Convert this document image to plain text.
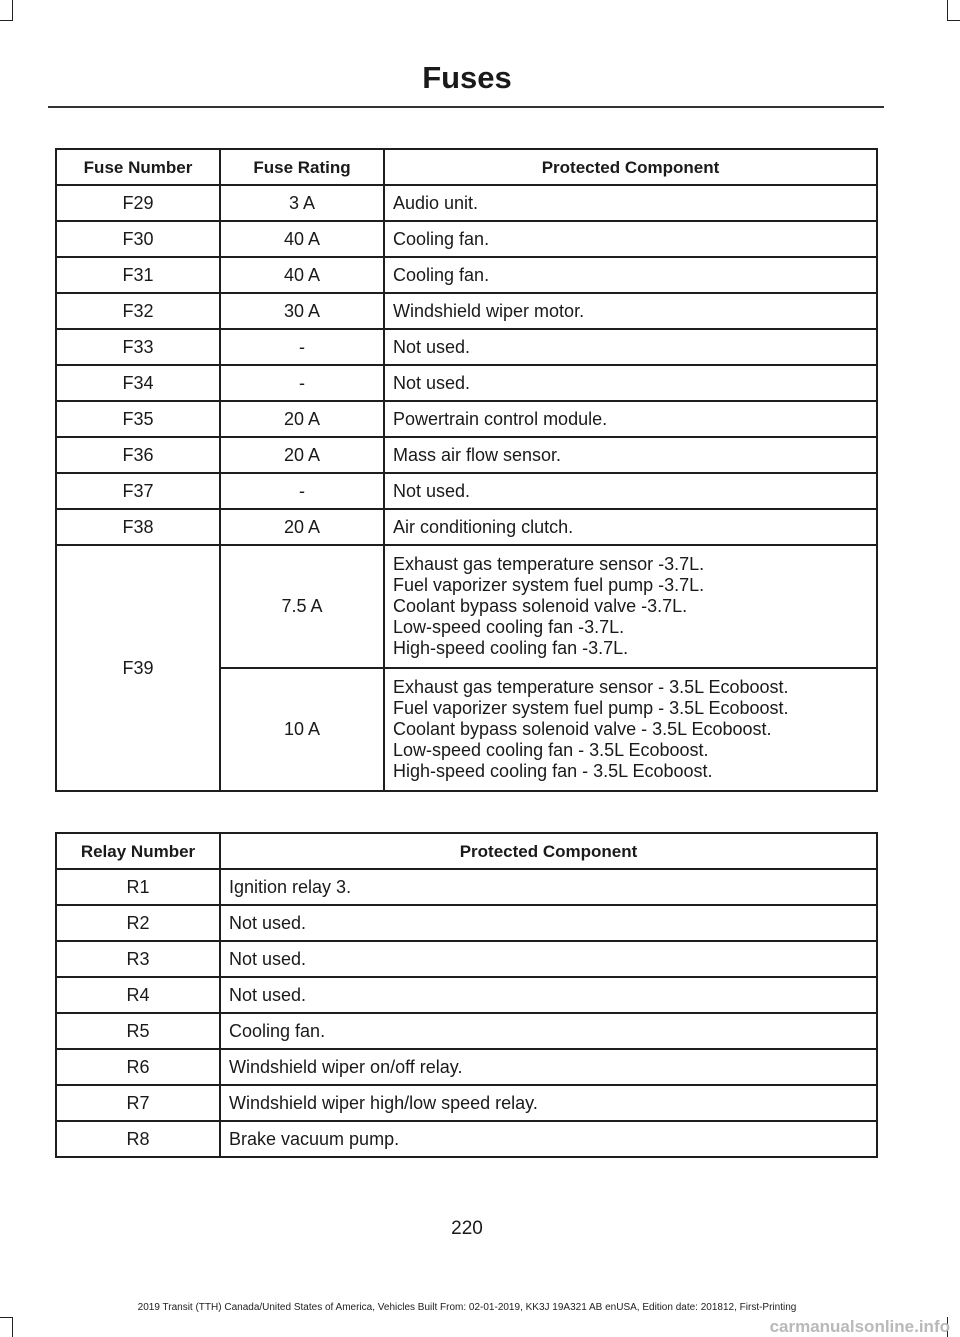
Fuses
Fuse Number	Fuse Rating	Protected Component
F29	3 A	Audio unit.
F30	40 A	Cooling fan.
F31	40 A	Cooling fan.
F32	30 A	Windshield wiper motor.
F33	-	Not used.
F34	-	Not used.
F35	20 A	Powertrain control module.
F36	20 A	Mass air flow sensor.
F37	-	Not used.
F38	20 A	Air conditioning clutch.
F39	7.5 A	Exhaust gas temperature sensor -3.7L.
Fuel vaporizer system fuel pump -3.7L.
Coolant bypass solenoid valve -3.7L.
Low-speed cooling fan -3.7L.
High-speed cooling fan -3.7L.

	10 A	Exhaust gas temperature sensor - 3.5L Ecoboost.
Fuel vaporizer system fuel pump - 3.5L Ecoboost.
Coolant bypass solenoid valve - 3.5L Ecoboost.
Low-speed cooling fan - 3.5L Ecoboost.
High-speed cooling fan - 3.5L Ecoboost.
Relay Number	Protected Component
R1	Ignition relay 3.
R2	Not used.
R3	Not used.
R4	Not used.
R5	Cooling fan.
R6	Windshield wiper on/off relay.
R7	Windshield wiper high/low speed relay.
R8	Brake vacuum pump.
220
2019 Transit (TTH) Canada/United States of America, Vehicles Built From: 02-01-2019, KK3J 19A321 AB enUSA, Edition date: 201812, First-Printing
carmanualsonline.info
